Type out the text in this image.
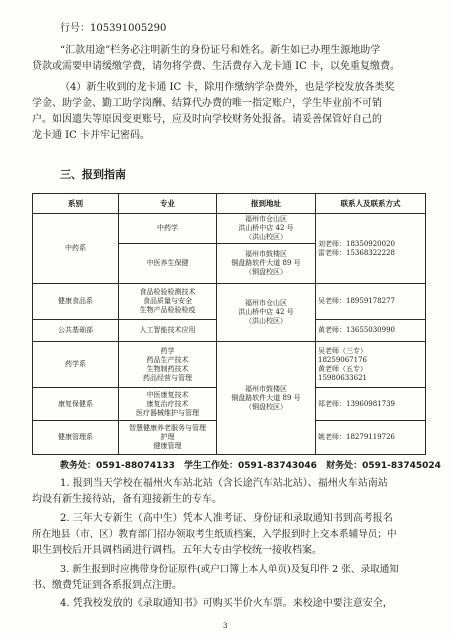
行号：105391005290
“汇款用途”栏务必注明新生的身份证号和姓名。新生如已办理生源地助学
贷款或需要申请缓缴学费，请勿将学费、生活费存入龙卡通 IC 卡，以免重复缴费。
（4）新生收到的龙卡通 IC 卡，除用作缴纳学杂费外，也是学校发放各类奖
学金、助学金、勤工助学岗酬、结算代办费的唯一指定账户，学生毕业前不可销
户。如因遗失等原因变更账号，应及时向学校财务处报备。请妥善保管好自己的
龙卡通 IC 卡并牢记密码。
三、报到指南
系别	专业	报到地址	联系人及联系方式
中药系	中药学	福州市仓山区
洪山桥中店 42 号
（洪山校区）	刘老师：18350920020
雷老师：15368322228
	中医养生保健	福州市鼓楼区
铜盘路软件大道 89 号
（铜盘校区）	
健康食品系	食品检验检测技术
食品质量与安全
生物产品检验检疫	福州市仓山区
洪山桥中店 42 号
（洪山校区）	吴老师：18959178277
公共基础部	人工智能技术应用		黄老师：13655030990
药学系	药学
药品生产技术
生物制药技术
药品经营与管理	福州市鼓楼区
铜盘路软件大道 89 号
（铜盘校区）	吴老师（三专）
18259067176
黄老师（五专）
15980633621
康复保健系	中医康复技术
康复治疗技术
医疗器械维护与管理		郑老师：13960981739
健康管理系	智慧健康养老服务与管理
护理
健康管理		姚老师：18279119726
教务处：0591-88074133 学生工作处：0591-83743046 财务处：0591-83745024
1. 报到当天学校在福州火车站北站（含长途汽车站北站）、福州火车站南站
均设有新生接待站，备有迎接新生的专车。
2. 三年大专新生（高中生）凭本人准考证、身份证和录取通知书到高考报名
所在地县（市、区）教育部门招办领取考生纸质档案，入学报到时上交本系辅导员；中
职生到校后开具调档函进行调档。五年大专由学校统一接收档案。
3. 新生报到时应携带身份证原件(或户口簿上本人单页)及复印件 2 张、录取通知
书、缴费凭证到各系报到点注册。
4. 凭我校发放的《录取通知书》可购买半价火车票。来校途中要注意安全，
3
